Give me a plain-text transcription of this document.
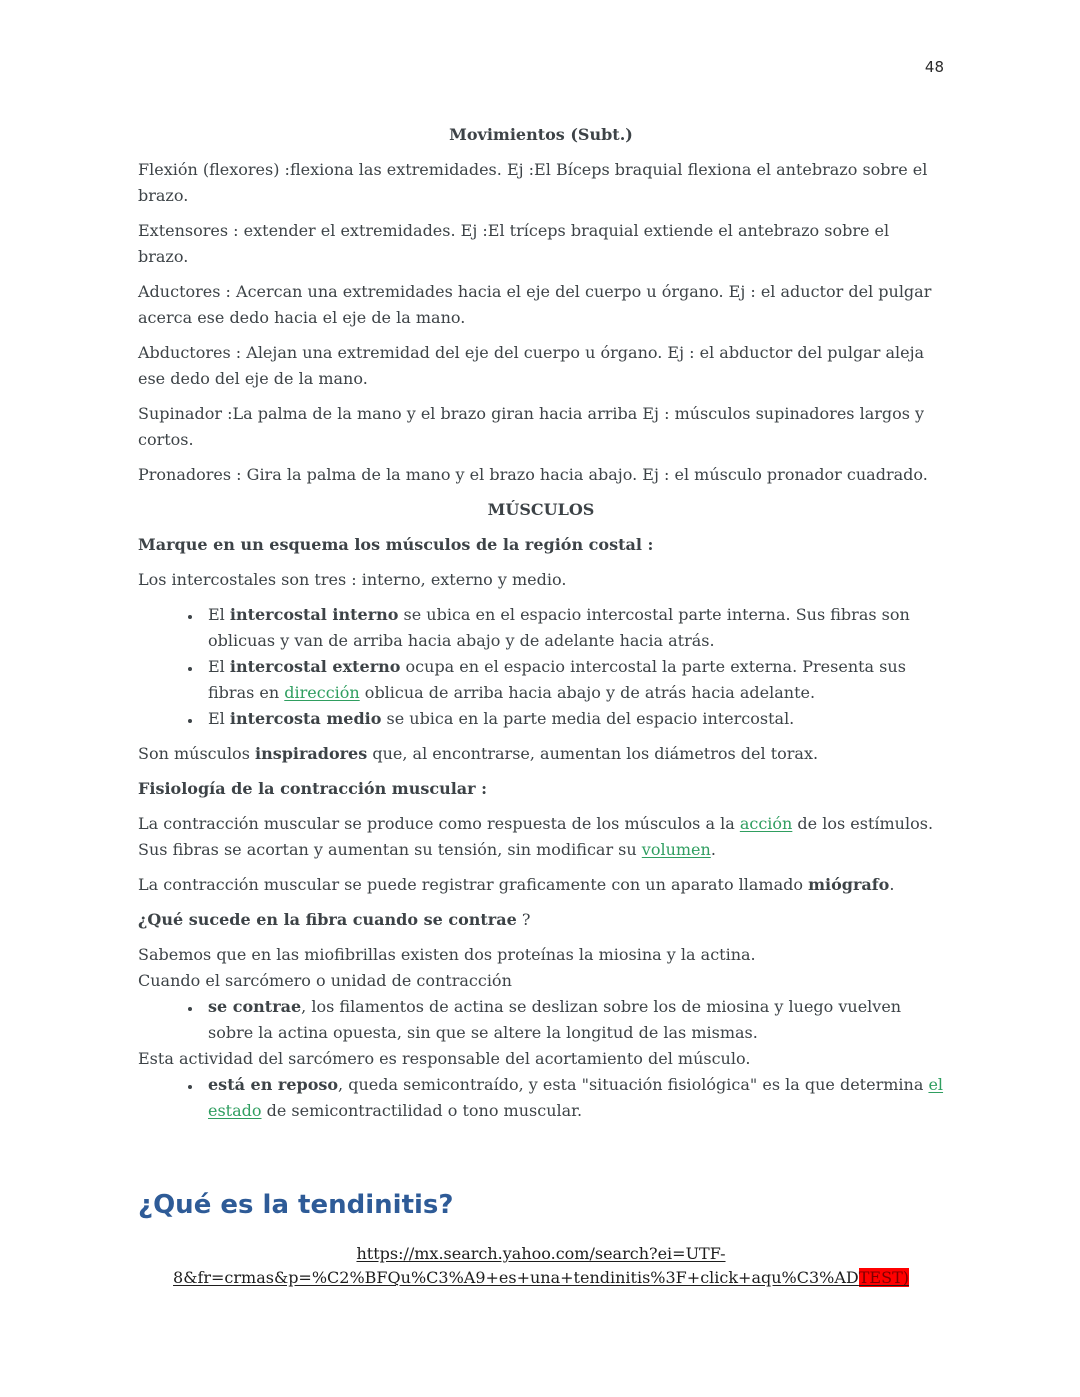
48
Movimientos (Subt.)
Flexión (flexores) :flexiona las extremidades. Ej :El Bíceps braquial flexiona el antebrazo sobre el brazo.
Extensores : extender el extremidades. Ej :El tríceps braquial extiende el antebrazo sobre el brazo.
Aductores : Acercan una extremidades hacia el eje del cuerpo u órgano. Ej : el aductor del pulgar acerca ese dedo hacia el eje de la mano.
Abductores : Alejan una extremidad del eje del cuerpo u órgano. Ej : el abductor del pulgar aleja ese dedo del eje de la mano.
Supinador :La palma de la mano y el brazo giran hacia arriba Ej : músculos supinadores largos y cortos.
Pronadores : Gira la palma de la mano y el brazo hacia abajo. Ej : el músculo pronador cuadrado.
MÚSCULOS
Marque en un esquema los músculos de la región costal :
Los intercostales son tres : interno, externo y medio.
• El intercostal interno se ubica en el espacio intercostal parte interna. Sus fibras son oblicuas y van de arriba hacia abajo y de adelante hacia atrás.
• El intercostal externo ocupa en el espacio intercostal la parte externa. Presenta sus fibras en dirección oblicua de arriba hacia abajo y de atrás hacia adelante.
• El intercosta medio se ubica en la parte media del espacio intercostal.
Son músculos inspiradores que, al encontrarse, aumentan los diámetros del torax.
Fisiología de la contracción muscular :
La contracción muscular se produce como respuesta de los músculos a la acción de los estímulos. Sus fibras se acortan y aumentan su tensión, sin modificar su volumen.
La contracción muscular se puede registrar graficamente con un aparato llamado miógrafo.
¿Qué sucede en la fibra cuando se contrae ?
Sabemos que en las miofibrillas existen dos proteínas la miosina y la actina.
Cuando el sarcómero o unidad de contracción
• se contrae, los filamentos de actina se deslizan sobre los de miosina y luego vuelven sobre la actina opuesta, sin que se altere la longitud de las mismas.
Esta actividad del sarcómero es responsable del acortamiento del músculo.
• está en reposo, queda semicontraído, y esta "situación fisiológica" es la que determina el estado de semicontractilidad o tono muscular.
¿Qué es la tendinitis?
https://mx.search.yahoo.com/search?ei=UTF-
8&fr=crmas&p=%C2%BFQu%C3%A9+es+una+tendinitis%3F+click+aqu%C3%ADTEST)
